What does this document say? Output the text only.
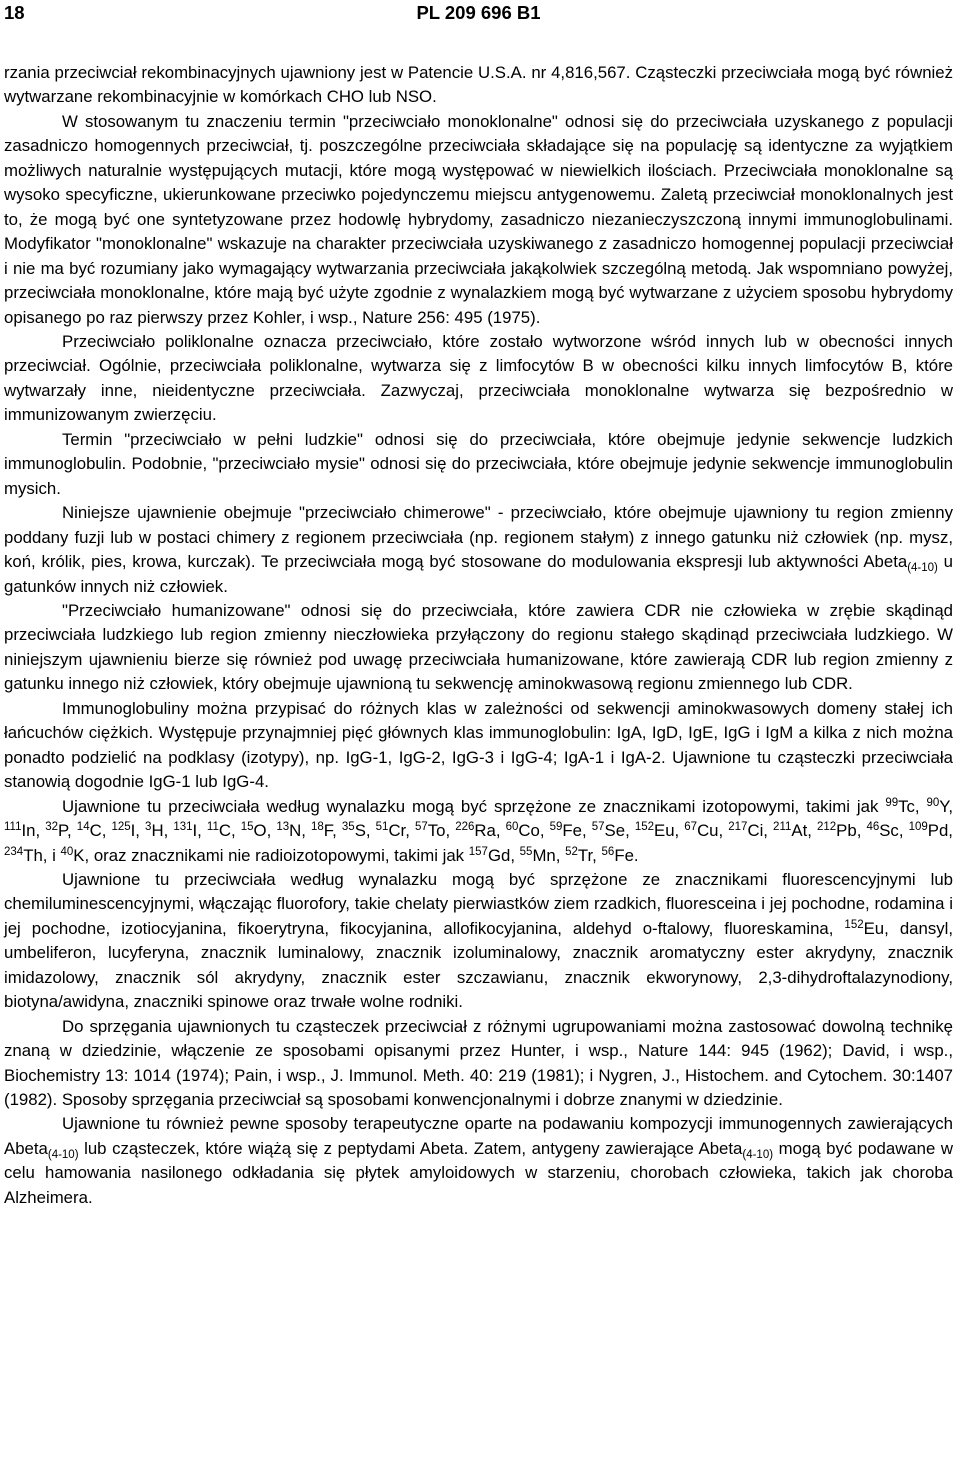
18	PL 209 696 B1

rzania przeciwciał rekombinacyjnych ujawniony jest w Patencie U.S.A. nr 4,816,567. Cząsteczki przeciwciała mogą być również wytwarzane rekombinacyjnie w komórkach CHO lub NSO.

W stosowanym tu znaczeniu termin "przeciwciało monoklonalne" odnosi się do przeciwciała uzyskanego z populacji zasadniczo homogennych przeciwciał, tj. poszczególne przeciwciała składające się na populację są identyczne za wyjątkiem możliwych naturalnie występujących mutacji, które mogą występować w niewielkich ilościach. Przeciwciała monoklonalne są wysoko specyficzne, ukierunkowane przeciwko pojedynczemu miejscu antygenowemu. Zaletą przeciwciał monoklonalnych jest to, że mogą być one syntetyzowane przez hodowlę hybrydomy, zasadniczo niezanieczyszczoną innymi immunoglobulinami. Modyfikator "monoklonalne" wskazuje na charakter przeciwciała uzyskiwanego z zasadniczo homogennej populacji przeciwciał i nie ma być rozumiany jako wymagający wytwarzania przeciwciała jakąkolwiek szczególną metodą. Jak wspomniano powyżej, przeciwciała monoklonalne, które mają być użyte zgodnie z wynalazkiem mogą być wytwarzane z użyciem sposobu hybrydomy opisanego po raz pierwszy przez Kohler, i wsp., Nature 256: 495 (1975).

Przeciwciało poliklonalne oznacza przeciwciało, które zostało wytworzone wśród innych lub w obecności innych przeciwciał. Ogólnie, przeciwciała poliklonalne, wytwarza się z limfocytów B w obecności kilku innych limfocytów B, które wytwarzały inne, nieidentyczne przeciwciała. Zazwyczaj, przeciwciała monoklonalne wytwarza się bezpośrednio w immunizowanym zwierzęciu.

Termin "przeciwciało w pełni ludzkie" odnosi się do przeciwciała, które obejmuje jedynie sekwencje ludzkich immunoglobulin. Podobnie, "przeciwciało mysie" odnosi się do przeciwciała, które obejmuje jedynie sekwencje immunoglobulin mysich.

Niniejsze ujawnienie obejmuje "przeciwciało chimerowe" - przeciwciało, które obejmuje ujawniony tu region zmienny poddany fuzji lub w postaci chimery z regionem przeciwciała (np. regionem stałym) z innego gatunku niż człowiek (np. mysz, koń, królik, pies, krowa, kurczak). Te przeciwciała mogą być stosowane do modulowania ekspresji lub aktywności Abeta$_{(4-10)}$ u gatunków innych niż człowiek.

"Przeciwciało humanizowane" odnosi się do przeciwciała, które zawiera CDR nie człowieka w zrębie skądinąd przeciwciała ludzkiego lub region zmienny nieczłowieka przyłączony do regionu stałego skądinąd przeciwciała ludzkiego. W niniejszym ujawnieniu bierze się również pod uwagę przeciwciała humanizowane, które zawierają CDR lub region zmienny z gatunku innego niż człowiek, który obejmuje ujawnioną tu sekwencję aminokwasową regionu zmiennego lub CDR.

Immunoglobuliny można przypisać do różnych klas w zależności od sekwencji aminokwasowych domeny stałej ich łańcuchów ciężkich. Występuje przynajmniej pięć głównych klas immunoglobulin: IgA, IgD, IgE, IgG i IgM a kilka z nich można ponadto podzielić na podklasy (izotypy), np. IgG-1, IgG-2, IgG-3 i IgG-4; IgA-1 i IgA-2. Ujawnione tu cząsteczki przeciwciała stanowią dogodnie IgG-1 lub IgG-4.

Ujawnione tu przeciwciała według wynalazku mogą być sprzężone ze znacznikami izotopowymi, takimi jak $^{99}$Tc, $^{90}$Y, $^{111}$In, $^{32}$P, $^{14}$C, $^{125}$I, $^3$H, $^{131}$I, $^{11}$C, $^{15}$O, $^{13}$N, $^{18}$F, $^{35}$S, $^{51}$Cr, $^{57}$To, $^{226}$Ra, $^{60}$Co, $^{59}$Fe, $^{57}$Se, $^{152}$Eu, $^{67}$Cu, $^{217}$Ci, $^{211}$At, $^{212}$Pb, $^{46}$Sc, $^{109}$Pd, $^{234}$Th, i $^{40}$K, oraz znacznikami nie radioizotopowymi, takimi jak $^{157}$Gd, $^{55}$Mn, $^{52}$Tr, $^{56}$Fe.

Ujawnione tu przeciwciała według wynalazku mogą być sprzężone ze znacznikami fluorescencyjnymi lub chemiluminescencyjnymi, włączając fluorofory, takie chelaty pierwiastków ziem rzadkich, fluoresceina i jej pochodne, rodamina i jej pochodne, izotiocyjanina, fikoerytryna, fikocyjanina, allofikocyjanina, aldehyd o-ftalowy, fluoreskamina, $^{152}$Eu, dansyl, umbeliferon, lucyferyna, znacznik luminalowy, znacznik izoluminalowy, znacznik aromatyczny ester akrydyny, znacznik imidazolowy, znacznik sól akrydyny, znacznik ester szczawianu, znacznik ekworynowy, 2,3-dihydroftalazynodiony, biotyna/awidyna, znaczniki spinowe oraz trwałe wolne rodniki.

Do sprzęgania ujawnionych tu cząsteczek przeciwciał z różnymi ugrupowaniami można zastosować dowolną technikę znaną w dziedzinie, włączenie ze sposobami opisanymi przez Hunter, i wsp., Nature 144: 945 (1962); David, i wsp., Biochemistry 13: 1014 (1974); Pain, i wsp., J. Immunol. Meth. 40: 219 (1981); i Nygren, J., Histochem. and Cytochem. 30:1407 (1982). Sposoby sprzęgania przeciwciał są sposobami konwencjonalnymi i dobrze znanymi w dziedzinie.

Ujawnione tu również pewne sposoby terapeutyczne oparte na podawaniu kompozycji immunogennych zawierających Abeta$_{(4-10)}$ lub cząsteczek, które wiążą się z peptydami Abeta. Zatem, antygeny zawierające Abeta$_{(4-10)}$ mogą być podawane w celu hamowania nasilonego odkładania się płytek amyloidowych w starzeniu, chorobach człowieka, takich jak choroba Alzheimera.
